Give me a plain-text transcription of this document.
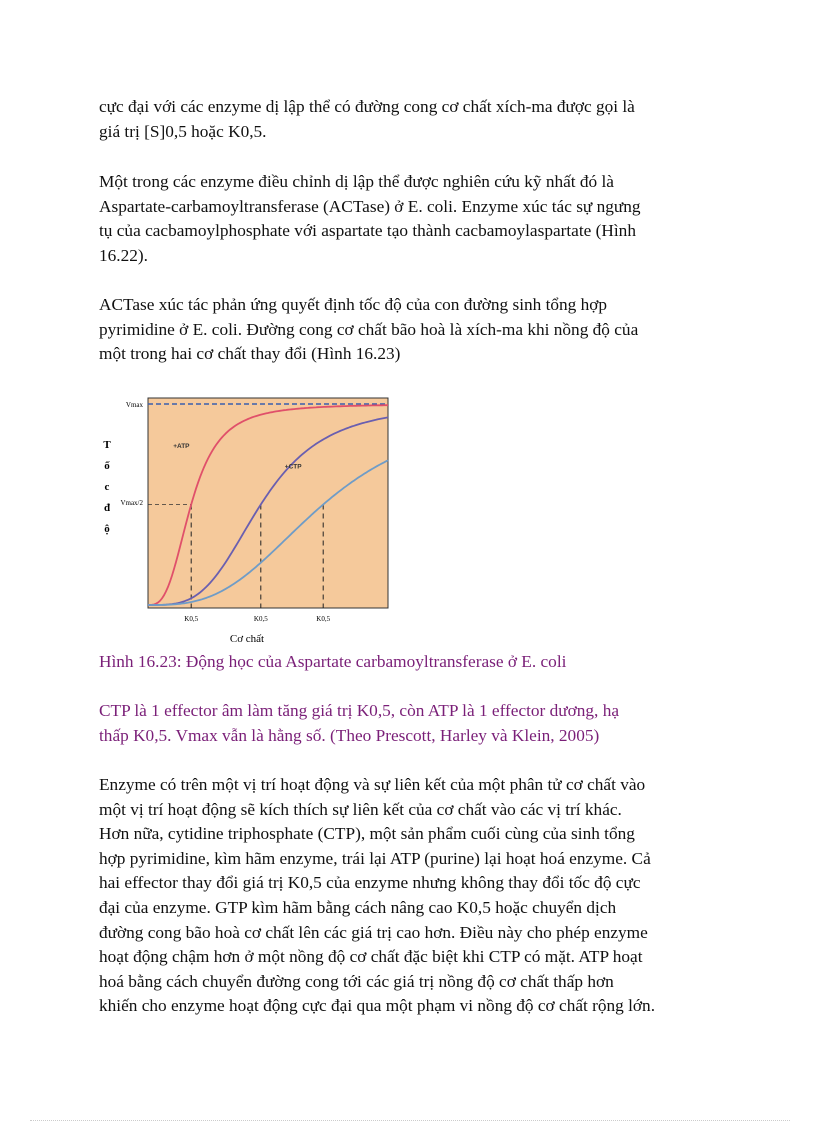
cực đại với các enzyme dị lập thể có đường cong cơ chất xích-ma được gọi là
giá trị [S]0,5 hoặc K0,5.
Một trong các enzyme điều chỉnh dị lập thể được nghiên cứu kỹ nhất đó là
Aspartate-carbamoyltransferase (ACTase) ở E. coli. Enzyme xúc tác sự ngưng
tụ của cacbamoylphosphate với aspartate tạo thành cacbamoylaspartate (Hình
16.22).
ACTase xúc tác phản ứng quyết định tốc độ của con đường sinh tổng hợp
pyrimidine ở E. coli. Đường cong cơ chất bão hoà là xích-ma khi nồng độ của
một trong hai cơ chất thay đổi (Hình 16.23)
Vmax
Vmax/2
T
ố
c
đ
ộ
K0,5	K0,5	K0,5
+ATP
+CTP
Cơ chất
Hình 16.23: Động học của Aspartate carbamoyltransferase ở E. coli
CTP là 1 effector âm làm tăng giá trị K0,5, còn ATP là 1 effector dương, hạ
thấp K0,5. Vmax vẫn là hằng số. (Theo Prescott, Harley và Klein, 2005)
Enzyme có trên một vị trí hoạt động và sự liên kết của một phân tử cơ chất vào
một vị trí hoạt động sẽ kích thích sự liên kết của cơ chất vào các vị trí khác.
Hơn nữa, cytidine triphosphate (CTP), một sản phẩm cuối cùng của sinh tổng
hợp pyrimidine, kìm hãm enzyme, trái lại ATP (purine) lại hoạt hoá enzyme. Cả
hai effector thay đổi giá trị K0,5 của enzyme nhưng không thay đổi tốc độ cực
đại của enzyme. GTP kìm hãm bằng cách nâng cao K0,5 hoặc chuyển dịch
đường cong bão hoà cơ chất lên các giá trị cao hơn. Điều này cho phép enzyme
hoạt động chậm hơn ở một nồng độ cơ chất đặc biệt khi CTP có mặt. ATP hoạt
hoá bằng cách chuyển đường cong tới các giá trị nồng độ cơ chất thấp hơn
khiến cho enzyme hoạt động cực đại qua một phạm vi nồng độ cơ chất rộng lớn.
